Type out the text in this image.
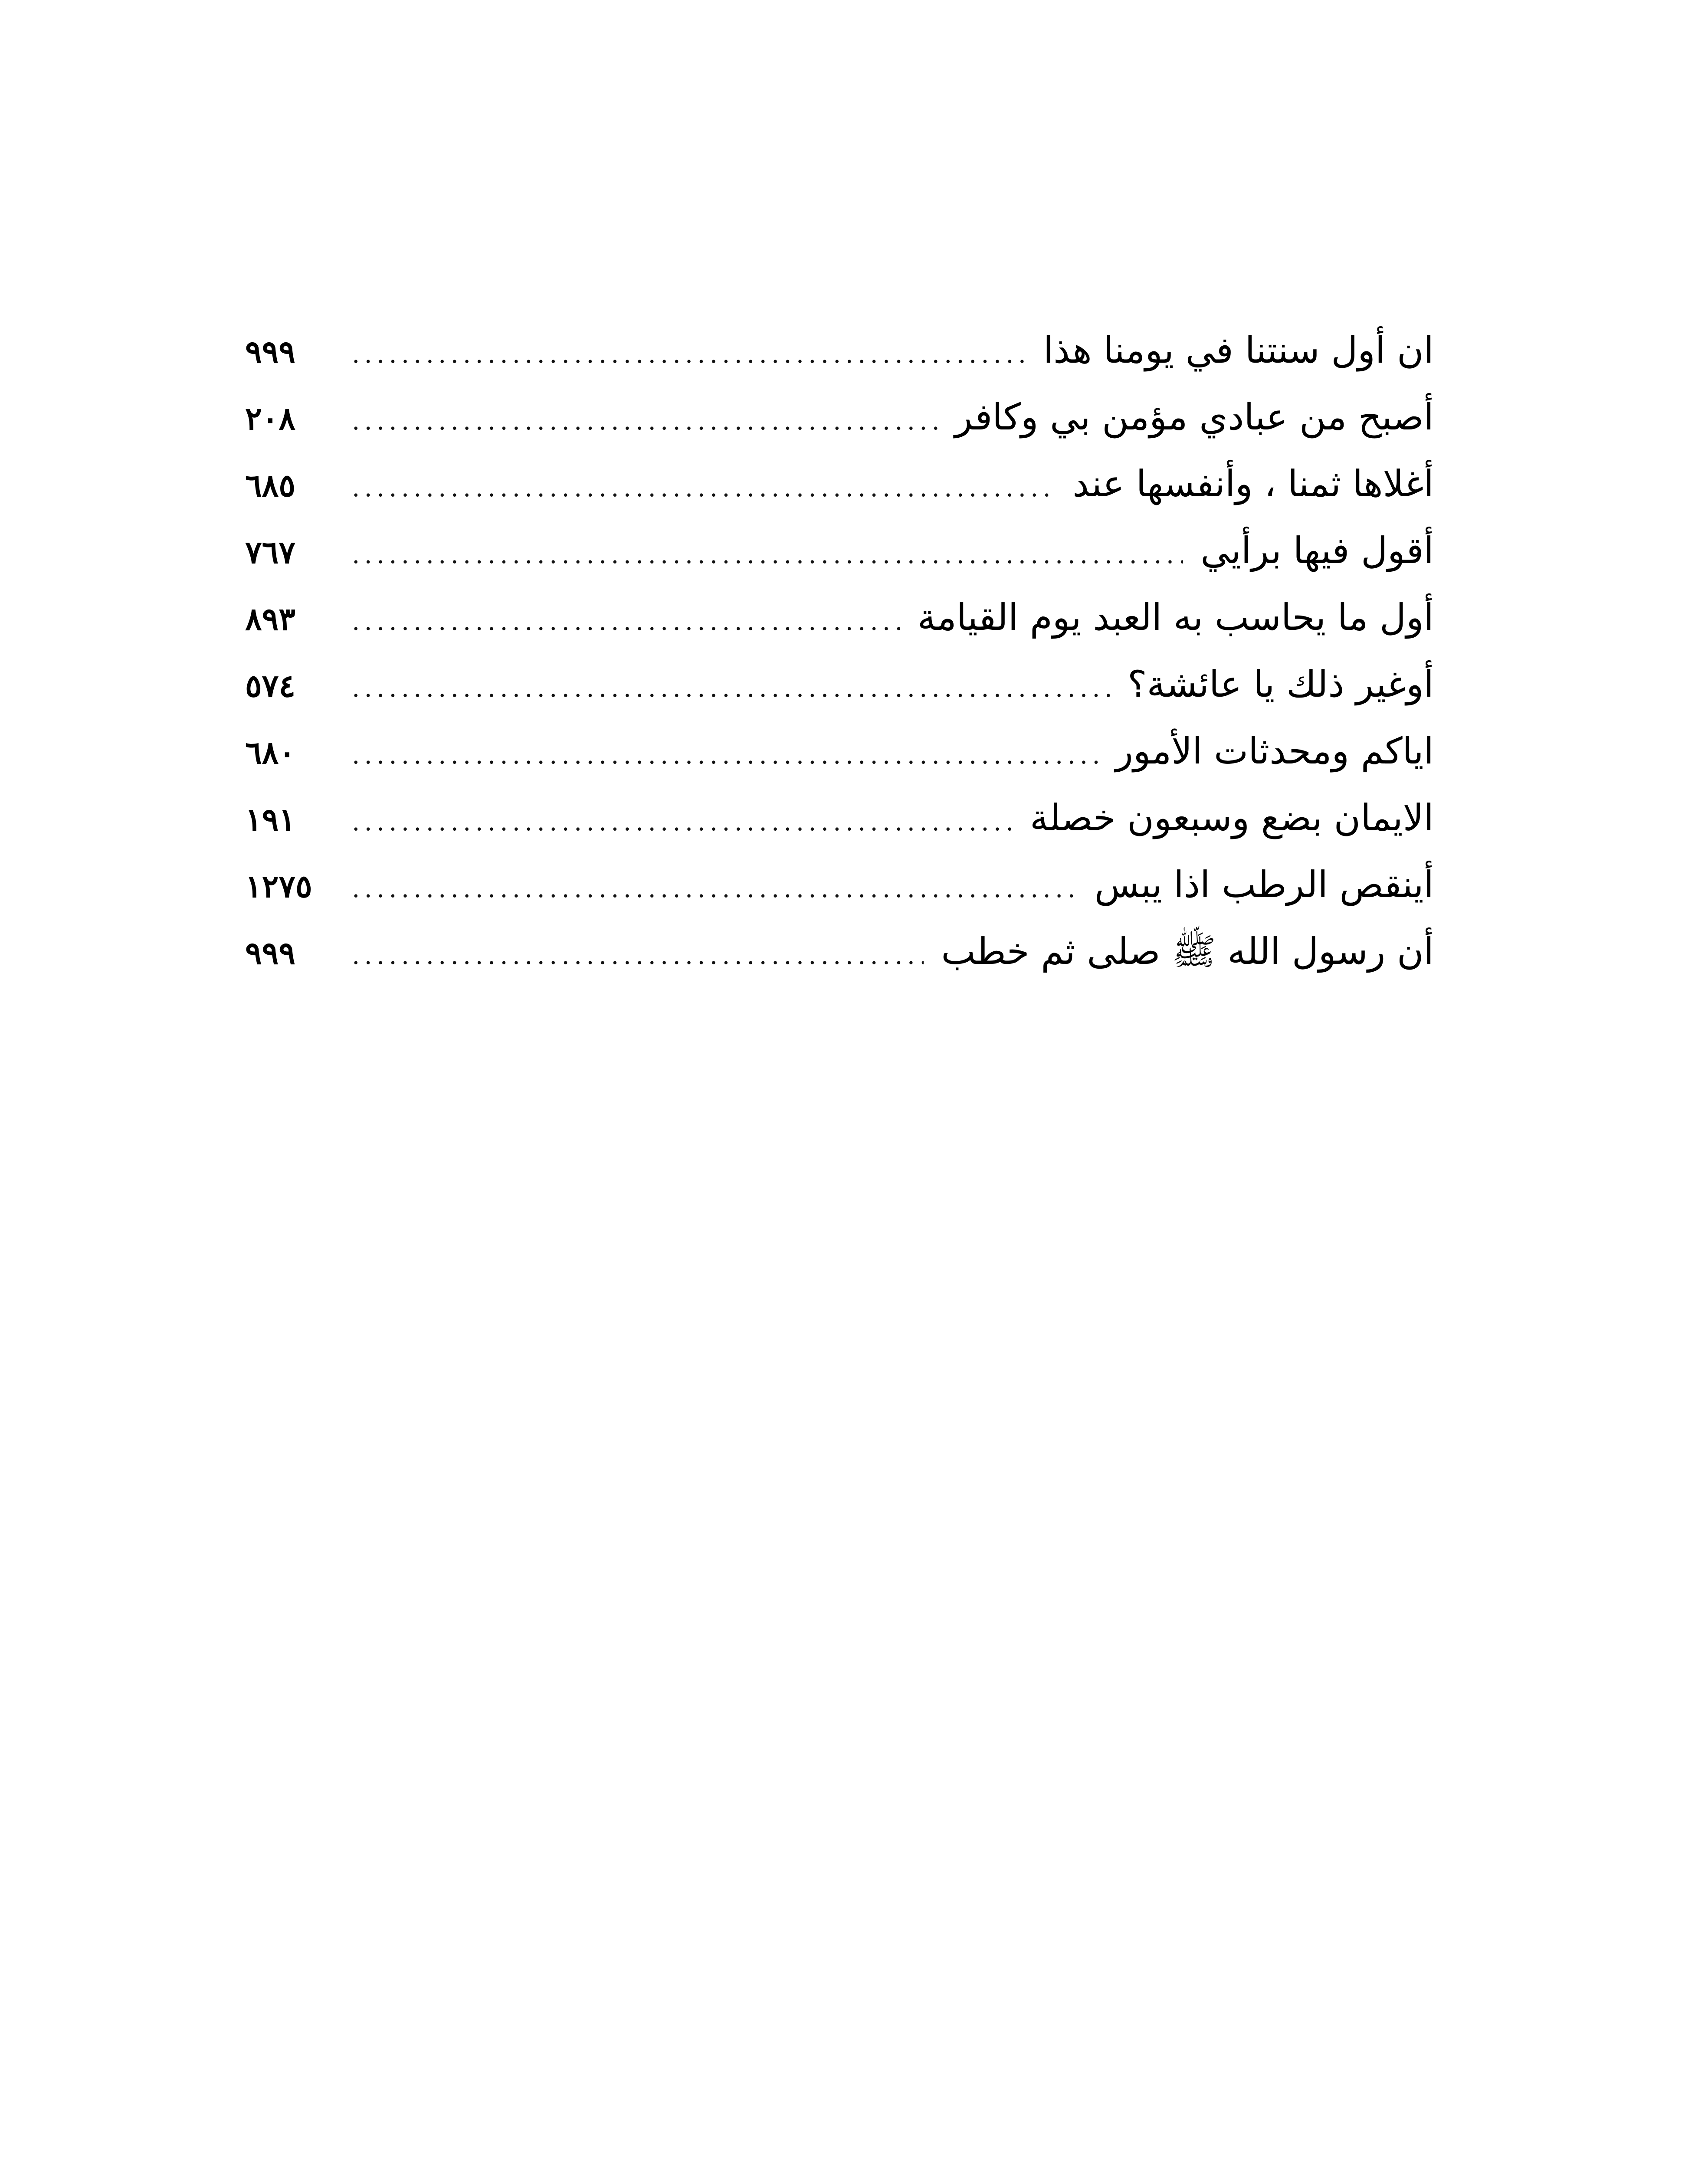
ان أول سنتنا في يومنا هذا
.....
٩٩٩
أصبح من عبادي مؤمن بي وكافر
.....
٢٠٨
أغلاها ثمنا ، وأنفسها عند
.....
٦٨٥
أقول فيها برأيي
.....
٧٦٧
أول ما يحاسب به العبد يوم القيامة
.....
٨٩٣
أوغير ذلك يا عائشة؟
.....
٥٧٤
اياكم ومحدثات الأمور
.....
٦٨٠
الايمان بضع وسبعون خصلة
.....
١٩١
أينقص الرطب اذا يبس
.....
١٢٧٥
أن رسول الله ﷺ صلى ثم خطب
.....
٩٩٩
